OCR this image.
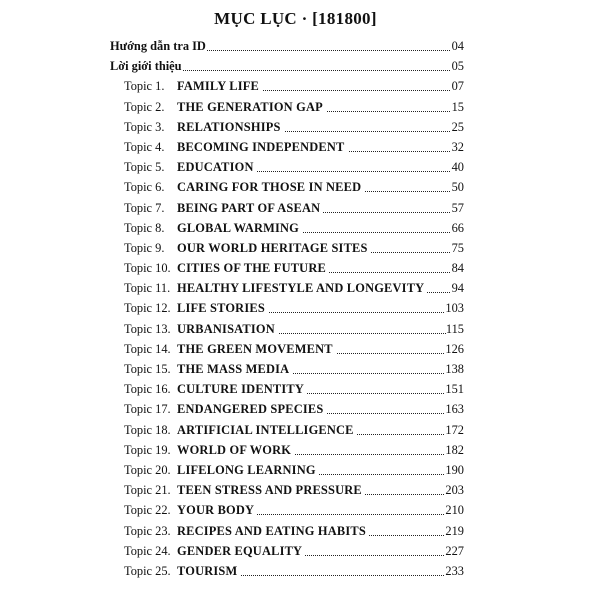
MỤC LỤC · [181800]
Hướng dẫn tra ID	04
Lời giới thiệu	05
Topic 1. FAMILY LIFE	07
Topic 2. THE GENERATION GAP	15
Topic 3. RELATIONSHIPS	25
Topic 4. BECOMING INDEPENDENT	32
Topic 5. EDUCATION	40
Topic 6. CARING FOR THOSE IN NEED	50
Topic 7. BEING PART OF ASEAN	57
Topic 8. GLOBAL WARMING	66
Topic 9. OUR WORLD HERITAGE SITES	75
Topic 10. CITIES OF THE FUTURE	84
Topic 11. HEALTHY LIFESTYLE AND LONGEVITY 94
Topic 12. LIFE STORIES	103
Topic 13. URBANISATION	115
Topic 14. THE GREEN MOVEMENT	126
Topic 15. THE MASS MEDIA	138
Topic 16. CULTURE IDENTITY	151
Topic 17. ENDANGERED SPECIES	163
Topic 18. ARTIFICIAL INTELLIGENCE	172
Topic 19. WORLD OF WORK	182
Topic 20. LIFELONG LEARNING	190
Topic 21. TEEN STRESS AND PRESSURE	203
Topic 22. YOUR BODY	210
Topic 23. RECIPES AND EATING HABITS	219
Topic 24. GENDER EQUALITY	227
Topic 25. TOURISM	233
